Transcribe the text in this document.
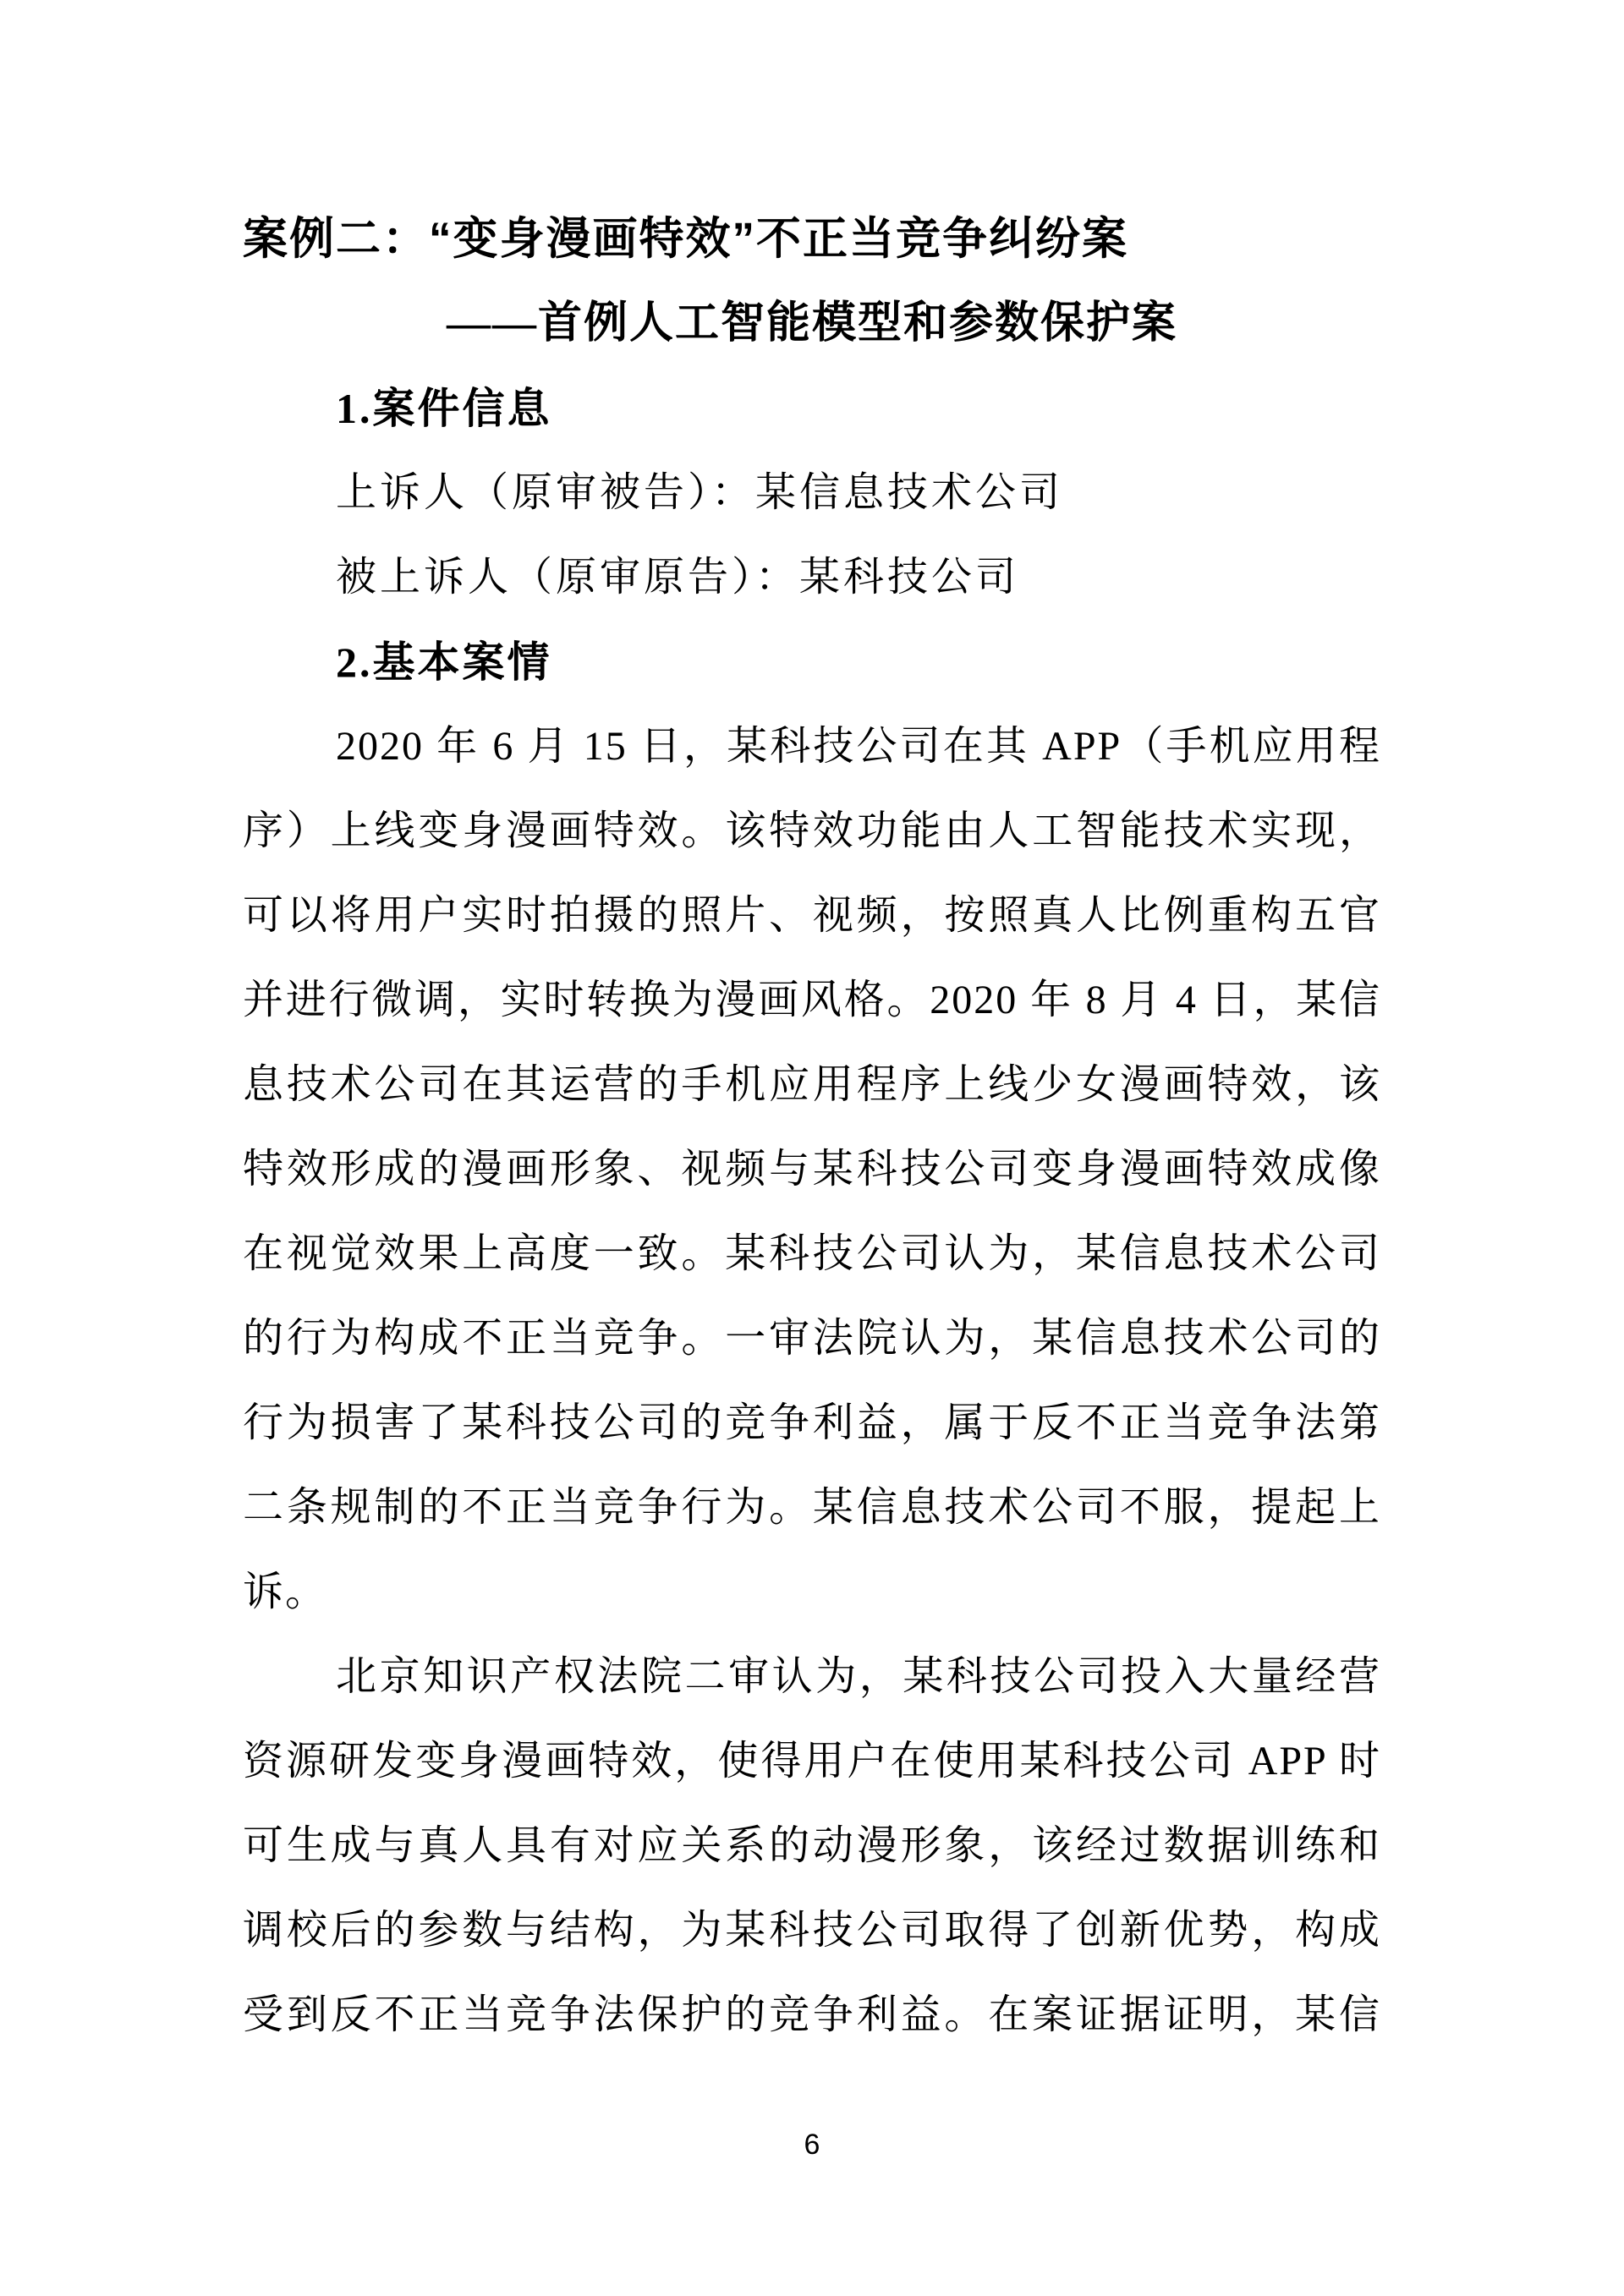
案例二：“变身漫画特效”不正当竞争纠纷案
——首例人工智能模型和参数保护案
1.案件信息
上诉人（原审被告）：某信息技术公司
被上诉人（原审原告）：某科技公司
2.基本案情
2020 年 6 月 15 日，某科技公司在其 APP（手机应用程
序）上线变身漫画特效。该特效功能由人工智能技术实现，
可以将用户实时拍摄的照片、视频，按照真人比例重构五官
并进行微调，实时转换为漫画风格。2020 年 8 月 4 日，某信
息技术公司在其运营的手机应用程序上线少女漫画特效，该
特效形成的漫画形象、视频与某科技公司变身漫画特效成像
在视觉效果上高度一致。某科技公司认为，某信息技术公司
的行为构成不正当竞争。一审法院认为，某信息技术公司的
行为损害了某科技公司的竞争利益，属于反不正当竞争法第
二条规制的不正当竞争行为。某信息技术公司不服，提起上
诉。
北京知识产权法院二审认为，某科技公司投入大量经营
资源研发变身漫画特效，使得用户在使用某科技公司 APP 时
可生成与真人具有对应关系的动漫形象，该经过数据训练和
调校后的参数与结构，为某科技公司取得了创新优势，构成
受到反不正当竞争法保护的竞争利益。在案证据证明，某信
6
